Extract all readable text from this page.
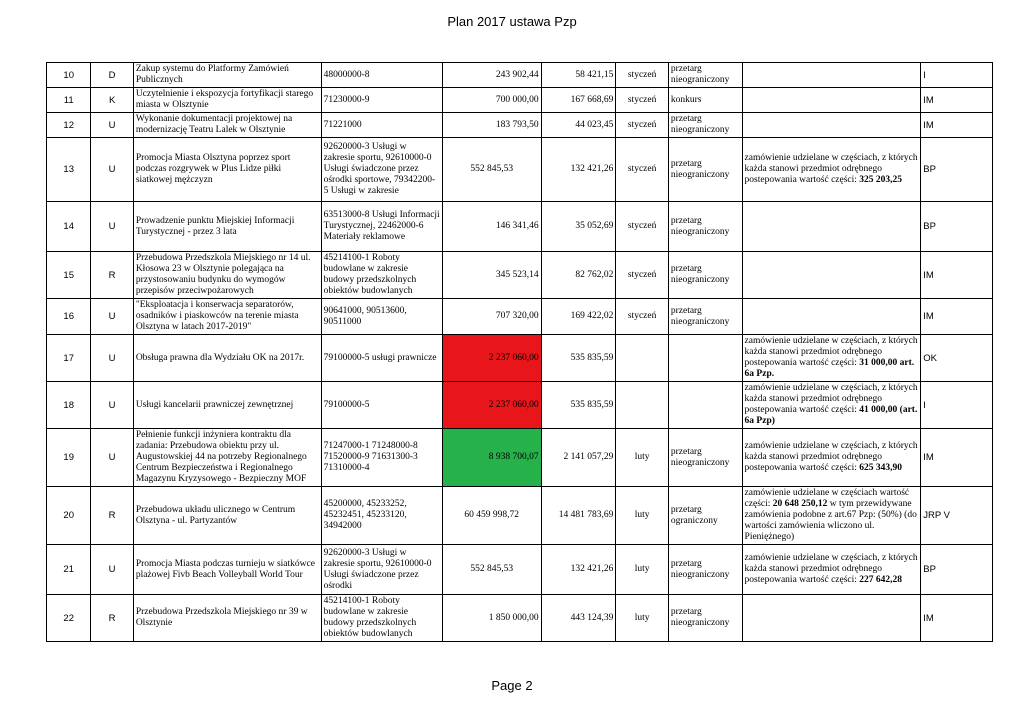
Plan 2017 ustawa Pzp
10	D	Zakup systemu do Platformy Zamówień Publicznych	48000000-8	243 902,44	58 421,15	styczeń	przetarg nieograniczony		I
11	K	Uczytelnienie i ekspozycja fortyfikacji starego miasta w Olsztynie	71230000-9	700 000,00	167 668,69	styczeń	konkurs		IM
12	U	Wykonanie dokumentacji projektowej na modernizację Teatru Lalek w Olsztynie	71221000	183 793,50	44 023,45	styczeń	przetarg nieograniczony		IM
13	U	Promocja Miasta Olsztyna poprzez sport podczas rozgrywek w Plus Lidze piłki siatkowej mężczyzn	92620000-3 Usługi w zakresie sportu, 92610000-0 Usługi świadczone przez ośrodki sportowe, 79342200-5 Usługi w zakresie	552 845,53	132 421,26	styczeń	przetarg nieograniczony	zamówienie udzielane w częściach, z których każda stanowi przedmiot odrębnego postepowania wartość części: 325 203,25	BP
14	U	Prowadzenie punktu Miejskiej Informacji Turystycznej - przez 3 lata	63513000-8 Usługi Informacji Turystycznej, 22462000-6 Materiały reklamowe	146 341,46	35 052,69	styczeń	przetarg nieograniczony		BP
15	R	Przebudowa Przedszkola Miejskiego nr 14 ul. Kłosowa 23 w Olsztynie polegająca na przystosowaniu budynku do wymogów przepisów przeciwpożarowych	45214100-1 Roboty budowlane w zakresie budowy przedszkolnych obiektów budowlanych	345 523,14	82 762,02	styczeń	przetarg nieograniczony		IM
16	U	"Eksploatacja i konserwacja separatorów, osadników i piaskowców na terenie miasta Olsztyna w latach 2017-2019"	90641000, 90513600, 90511000	707 320,00	169 422,02	styczeń	przetarg nieograniczony		IM
17	U	Obsługa prawna dla Wydziału OK na 2017r.	79100000-5 usługi prawnicze	2 237 060,00	535 835,59			zamówienie udzielane w częściach, z których każda stanowi przedmiot odrębnego postepowania wartość części: 31 000,00 art. 6a Pzp.	OK
18	U	Usługi kancelarii prawniczej zewnętrznej	79100000-5	2 237 060,00	535 835,59			zamówienie udzielane w częściach, z których każda stanowi przedmiot odrębnego postepowania wartość części: 41 000,00 (art. 6a Pzp)	I
19	U	Pełnienie funkcji inżyniera kontraktu dla zadania: Przebudowa obiektu przy ul. Augustowskiej 44 na potrzeby Regionalnego Centrum Bezpieczeństwa i Regionalnego Magazynu Kryzysowego - Bezpieczny MOF	71247000-1 71248000-8 71520000-9 71631300-3 71310000-4	8 938 700,07	2 141 057,29	luty	przetarg nieograniczony	zamówienie udzielane w częściach, z których każda stanowi przedmiot odrębnego postepowania wartość części: 625 343,90	IM
20	R	Przebudowa układu ulicznego w Centrum Olsztyna - ul. Partyzantów	45200000, 45233252, 45232451, 45233120, 34942000	60 459 998,72	14 481 783,69	luty	przetarg ograniczony	zamówienie udzielane w częściach wartość części: 20 648 250,12 w tym przewidywane zamówienia podobne z art.67 Pzp: (50%) (do wartości zamówienia wliczono ul. Pieniężnego)	JRP V
21	U	Promocja Miasta podczas turnieju w siatkówce plażowej Fivb Beach Volleyball World Tour	92620000-3 Usługi w zakresie sportu, 92610000-0 Usługi świadczone przez ośrodki	552 845,53	132 421,26	luty	przetarg nieograniczony	zamówienie udzielane w częściach, z których każda stanowi przedmiot odrębnego postepowania wartość części: 227 642,28	BP
22	R	Przebudowa Przedszkola Miejskiego nr 39 w Olsztynie	45214100-1 Roboty budowlane w zakresie budowy przedszkolnych obiektów budowlanych	1 850 000,00	443 124,39	luty	przetarg nieograniczony		IM
Page 2
